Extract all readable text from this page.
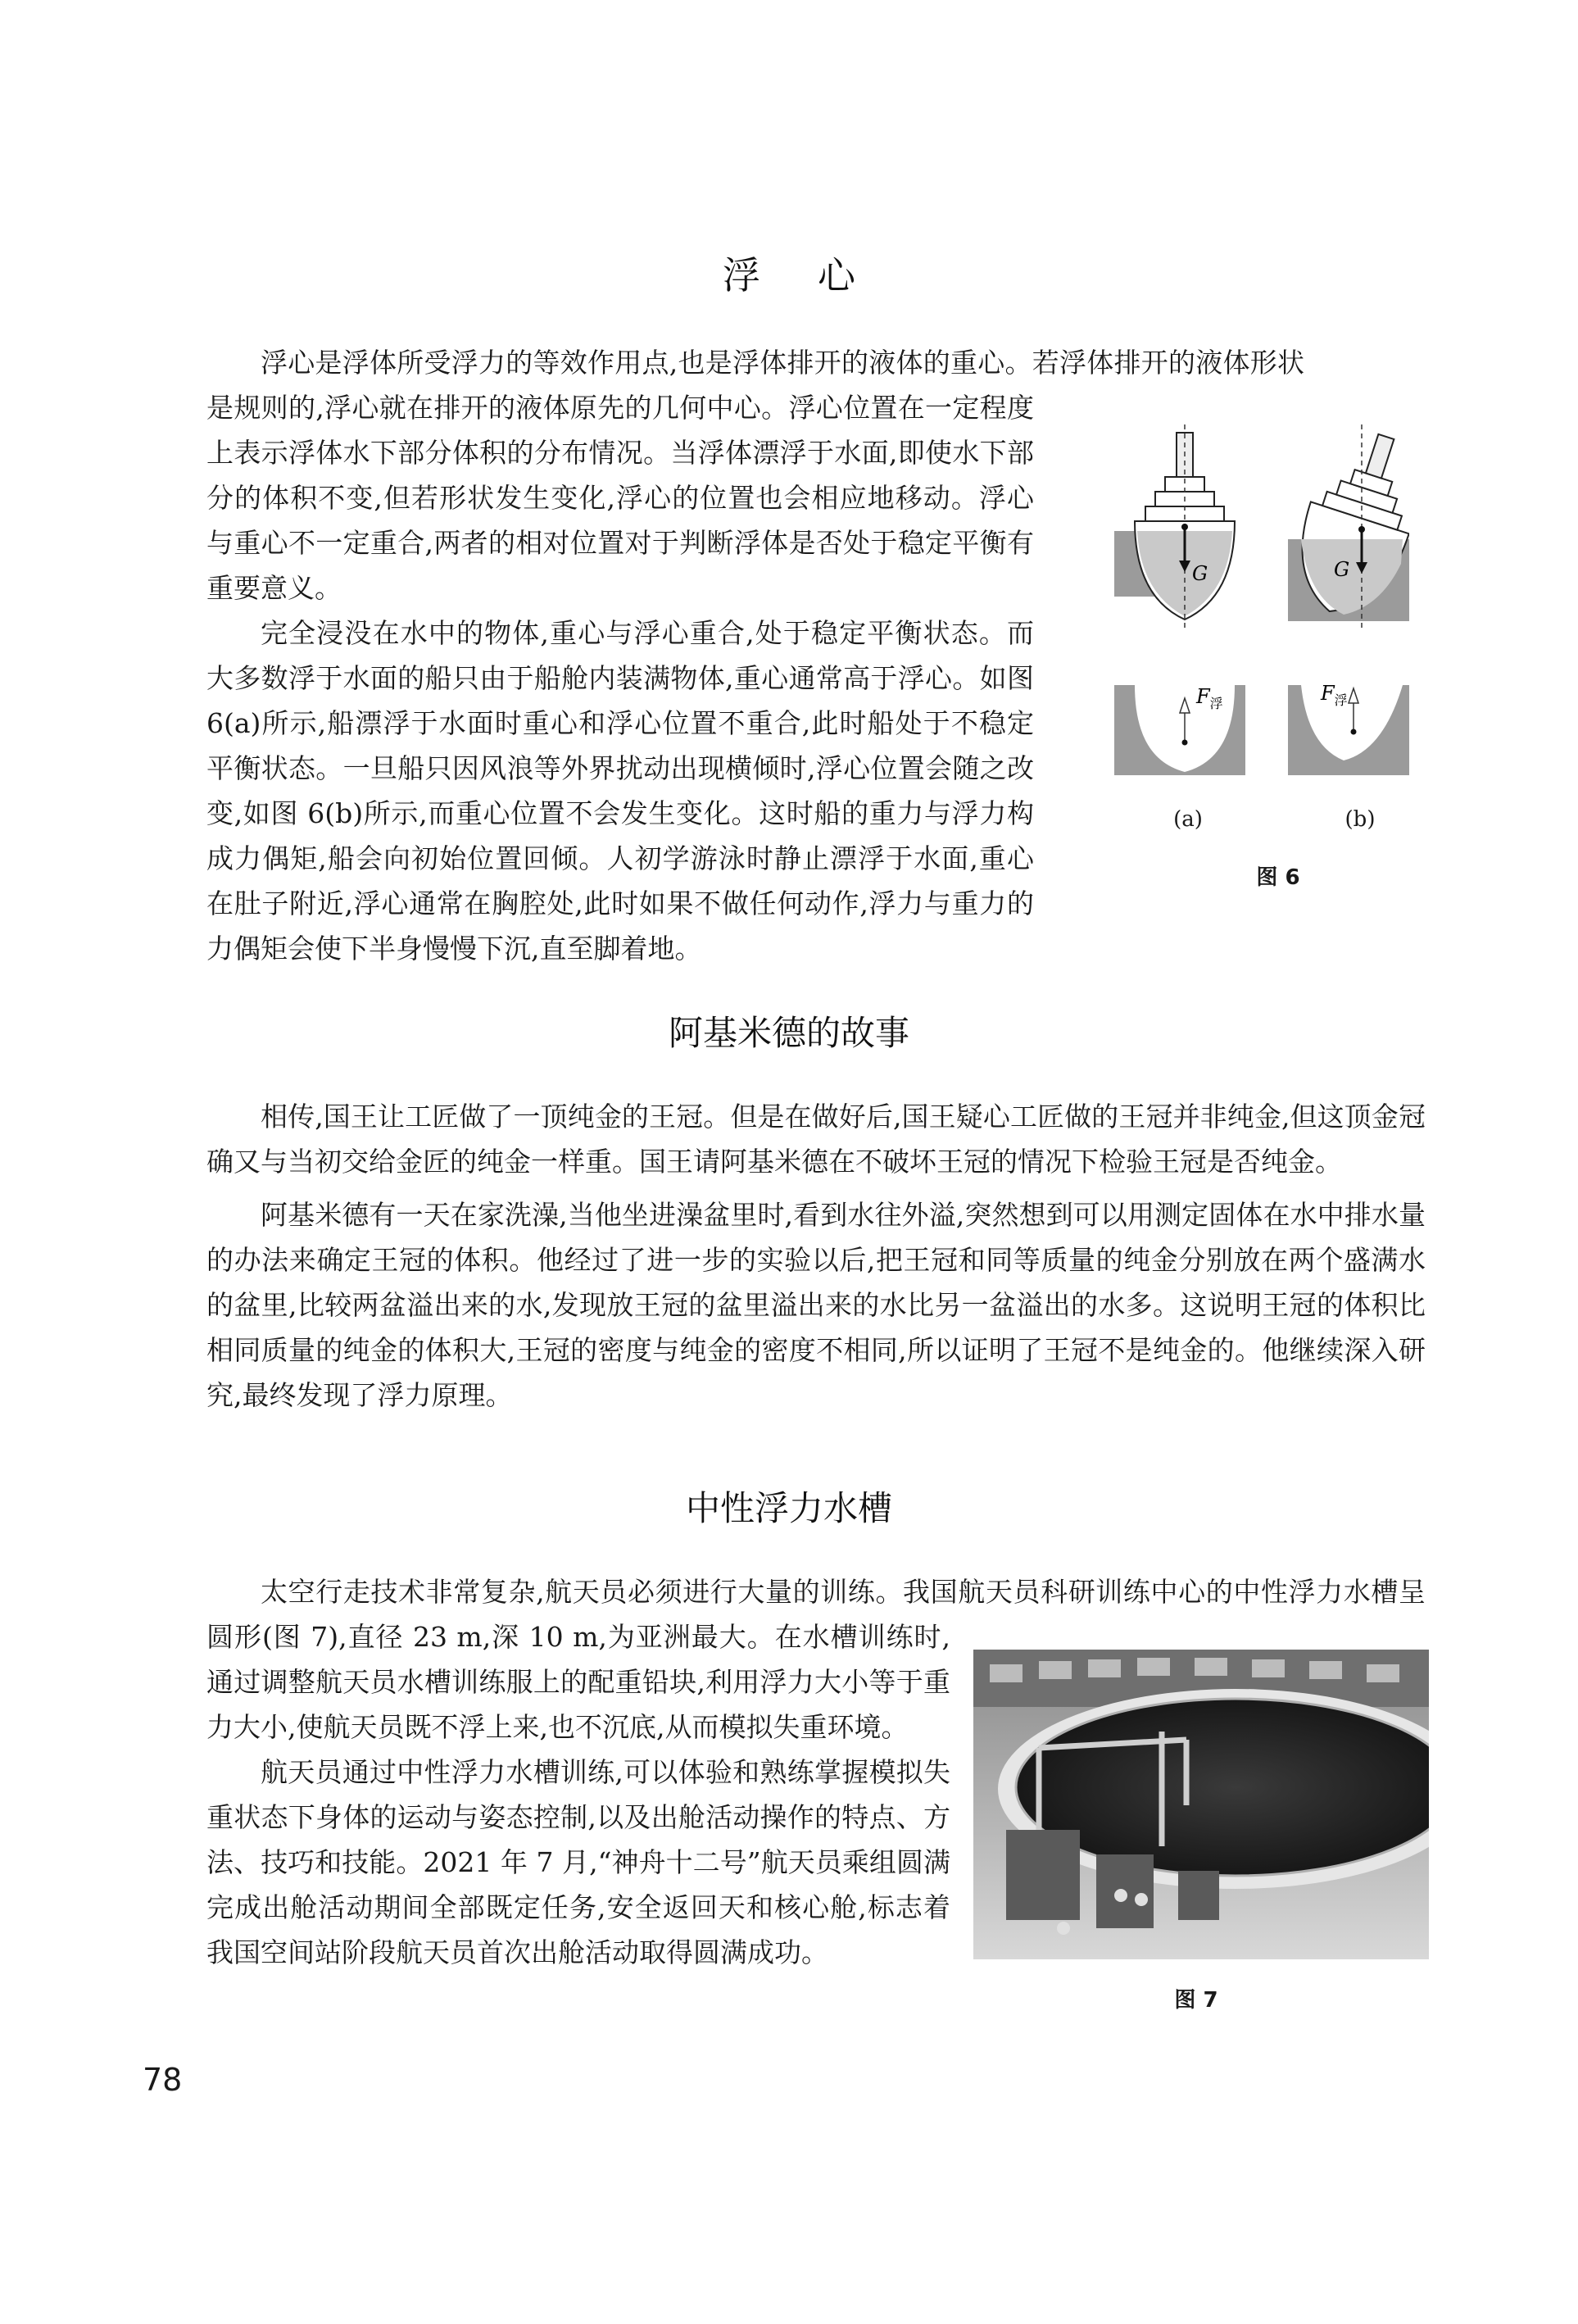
浮心

浮心是浮体所受浮力的等效作用点,也是浮体排开的液体的重心。若浮体排开的液体形状是规则的,浮心就在排开的液体原先的几何中心。浮心位置在一定程度上表示浮体水下部分体积的分布情况。当浮体漂浮于水面,即使水下部分的体积不变,但若形状发生变化,浮心的位置也会相应地移动。浮心与重心不一定重合,两者的相对位置对于判断浮体是否处于稳定平衡有重要意义。

完全浸没在水中的物体,重心与浮心重合,处于稳定平衡状态。而大多数浮于水面的船只由于船舱内装满物体,重心通常高于浮心。如图 6(a)所示,船漂浮于水面时重心和浮心位置不重合,此时船处于不稳定平衡状态。一旦船只因风浪等外界扰动出现横倾时,浮心位置会随之改变,如图 6(b)所示,而重心位置不会发生变化。这时船的重力与浮力构成力偶矩,船会向初始位置回倾。人初学游泳时静止漂浮于水面,重心在肚子附近,浮心通常在胸腔处,此时如果不做任何动作,浮力与重力的力偶矩会使下半身慢慢下沉,直至脚着地。

G	G
$F_浮$	$F_浮$
(a)	(b)
图 6
阿基米德的故事

相传,国王让工匠做了一顶纯金的王冠。但是在做好后,国王疑心工匠做的王冠并非纯金,但这顶金冠确又与当初交给金匠的纯金一样重。国王请阿基米德在不破坏王冠的情况下检验王冠是否纯金。

阿基米德有一天在家洗澡,当他坐进澡盆里时,看到水往外溢,突然想到可以用测定固体在水中排水量的办法来确定王冠的体积。他经过了进一步的实验以后,把王冠和同等质量的纯金分别放在两个盛满水的盆里,比较两盆溢出来的水,发现放王冠的盆里溢出来的水比另一盆溢出的水多。这说明王冠的体积比相同质量的纯金的体积大,王冠的密度与纯金的密度不相同,所以证明了王冠不是纯金的。他继续深入研究,最终发现了浮力原理。

中性浮力水槽

太空行走技术非常复杂,航天员必须进行大量的训练。我国航天员科研训练中心的中性浮力水槽呈圆形(图 7),直径 23 m,深 10 m,为亚洲最大。在水槽训练时,通过调整航天员水槽训练服上的配重铅块,利用浮力大小等于重力大小,使航天员既不浮上来,也不沉底,从而模拟失重环境。

航天员通过中性浮力水槽训练,可以体验和熟练掌握模拟失重状态下身体的运动与姿态控制,以及出舱活动操作的特点、方法、技巧和技能。2021 年 7 月,“神舟十二号”航天员乘组圆满完成出舱活动期间全部既定任务,安全返回天和核心舱,标志着我国空间站阶段航天员首次出舱活动取得圆满成功。

图 7
78
